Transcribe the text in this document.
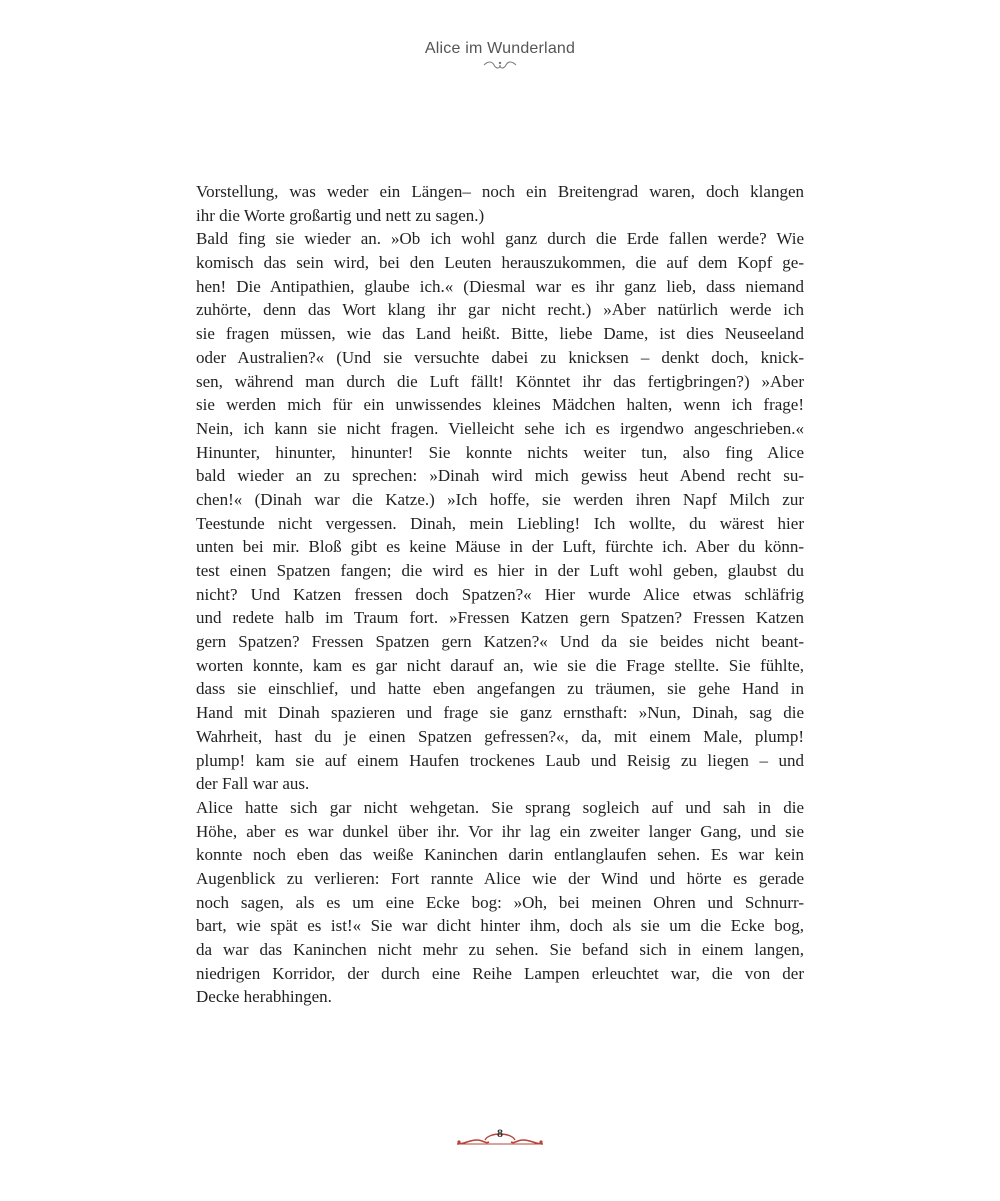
Alice im Wunderland
Vorstellung, was weder ein Längen– noch ein Breitengrad waren, doch klangen
ihr die Worte großartig und nett zu sagen.)
Bald fing sie wieder an. »Ob ich wohl ganz durch die Erde fallen werde? Wie
komisch das sein wird, bei den Leuten herauszukommen, die auf dem Kopf ge-
hen! Die Antipathien, glaube ich.« (Diesmal war es ihr ganz lieb, dass niemand
zuhörte, denn das Wort klang ihr gar nicht recht.) »Aber natürlich werde ich
sie fragen müssen, wie das Land heißt. Bitte, liebe Dame, ist dies Neuseeland
oder Australien?« (Und sie versuchte dabei zu knicksen – denkt doch, knick-
sen, während man durch die Luft fällt! Könntet ihr das fertigbringen?) »Aber
sie werden mich für ein unwissendes kleines Mädchen halten, wenn ich frage!
Nein, ich kann sie nicht fragen. Vielleicht sehe ich es irgendwo angeschrieben.«
Hinunter, hinunter, hinunter! Sie konnte nichts weiter tun, also fing Alice
bald wieder an zu sprechen: »Dinah wird mich gewiss heut Abend recht su-
chen!« (Dinah war die Katze.) »Ich hoffe, sie werden ihren Napf Milch zur
Teestunde nicht vergessen. Dinah, mein Liebling! Ich wollte, du wärest hier
unten bei mir. Bloß gibt es keine Mäuse in der Luft, fürchte ich. Aber du könn-
test einen Spatzen fangen; die wird es hier in der Luft wohl geben, glaubst du
nicht? Und Katzen fressen doch Spatzen?« Hier wurde Alice etwas schläfrig
und redete halb im Traum fort. »Fressen Katzen gern Spatzen? Fressen Katzen
gern Spatzen? Fressen Spatzen gern Katzen?« Und da sie beides nicht beant-
worten konnte, kam es gar nicht darauf an, wie sie die Frage stellte. Sie fühlte,
dass sie einschlief, und hatte eben angefangen zu träumen, sie gehe Hand in
Hand mit Dinah spazieren und frage sie ganz ernsthaft: »Nun, Dinah, sag die
Wahrheit, hast du je einen Spatzen gefressen?«, da, mit einem Male, plump!
plump! kam sie auf einem Haufen trockenes Laub und Reisig zu liegen – und
der Fall war aus.
Alice hatte sich gar nicht wehgetan. Sie sprang sogleich auf und sah in die
Höhe, aber es war dunkel über ihr. Vor ihr lag ein zweiter langer Gang, und sie
konnte noch eben das weiße Kaninchen darin entlanglaufen sehen. Es war kein
Augenblick zu verlieren: Fort rannte Alice wie der Wind und hörte es gerade
noch sagen, als es um eine Ecke bog: »Oh, bei meinen Ohren und Schnurr-
bart, wie spät es ist!« Sie war dicht hinter ihm, doch als sie um die Ecke bog,
da war das Kaninchen nicht mehr zu sehen. Sie befand sich in einem langen,
niedrigen Korridor, der durch eine Reihe Lampen erleuchtet war, die von der
Decke herabhingen.
8
